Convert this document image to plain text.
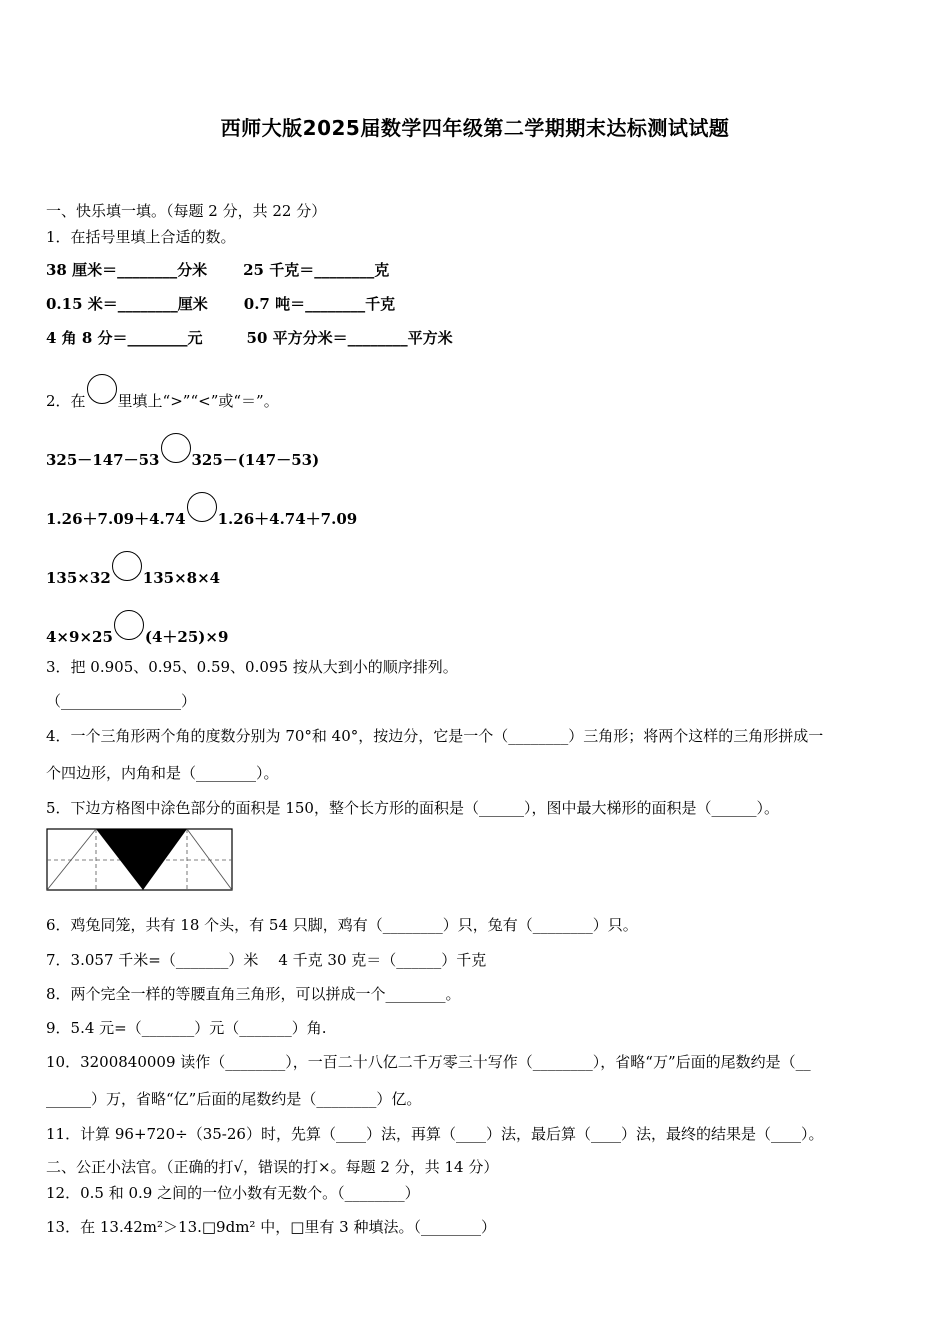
西师大版2025届数学四年级第二学期期末达标测试试题
一、快乐填一填。（每题 2 分，共 22 分）
1．在括号里填上合适的数。
38 厘米＝________分米 25 千克＝________克
0.15 米＝________厘米 0.7 吨＝________千克
4 角 8 分＝________元	50 平方分米＝________平方米
2．在 里填上“>”“<”或“＝”。
325－147－53 325－(147－53)
1.26＋7.09＋4.74 1.26＋4.74＋7.09
135×32 135×8×4
4×9×25 (4＋25)×9
3．把 0.905、0.95、0.59、0.095 按从大到小的顺序排列。
（________________）
4．一个三角形两个角的度数分别为 70°和 40°，按边分，它是一个（________）三角形；将两个这样的三角形拼成一
个四边形，内角和是（________）。
5．下边方格图中涂色部分的面积是 150，整个长方形的面积是（______），图中最大梯形的面积是（______）。
6．鸡兔同笼，共有 18 个头，有 54 只脚，鸡有（________）只，兔有（________）只。
7．3.057 千米=（_______）米 4 千克 30 克＝（______）千克
8．两个完全一样的等腰直角三角形，可以拼成一个________。
9．5.4 元=（_______）元（_______）角.
10．3200840009 读作（________），一百二十八亿二千万零三十写作（________），省略“万”后面的尾数约是（__
______）万，省略“亿”后面的尾数约是（________）亿。
11．计算 96+720÷（35-26）时，先算（____）法，再算（____）法，最后算（____）法，最终的结果是（____）。
二、公正小法官。（正确的打√，错误的打×。每题 2 分，共 14 分）
12．0.5 和 0.9 之间的一位小数有无数个。（________）
13．在 13.42m²＞13.□9dm² 中，□里有 3 种填法。（________）
